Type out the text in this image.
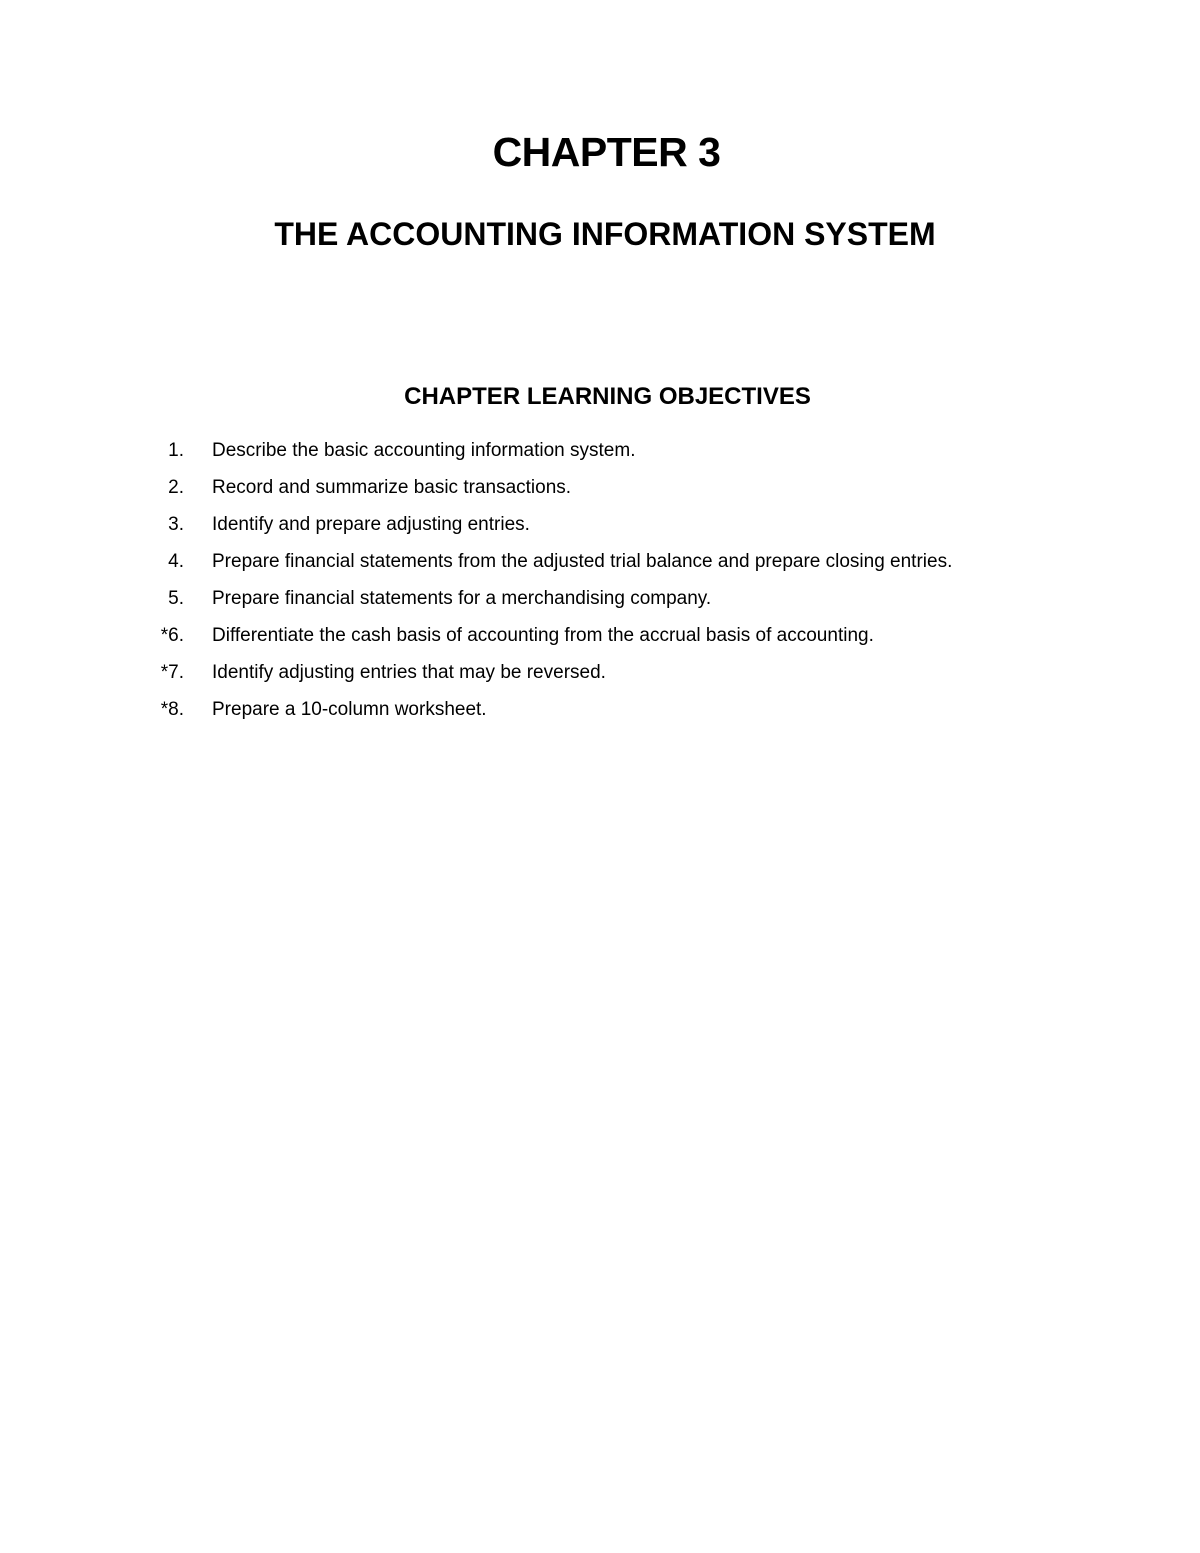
CHAPTER 3
THE ACCOUNTING INFORMATION SYSTEM
CHAPTER LEARNING OBJECTIVES
1. Describe the basic accounting information system.
2. Record and summarize basic transactions.
3. Identify and prepare adjusting entries.
4. Prepare financial statements from the adjusted trial balance and prepare closing entries.
5. Prepare financial statements for a merchandising company.
*6. Differentiate the cash basis of accounting from the accrual basis of accounting.
*7. Identify adjusting entries that may be reversed.
*8. Prepare a 10-column worksheet.
